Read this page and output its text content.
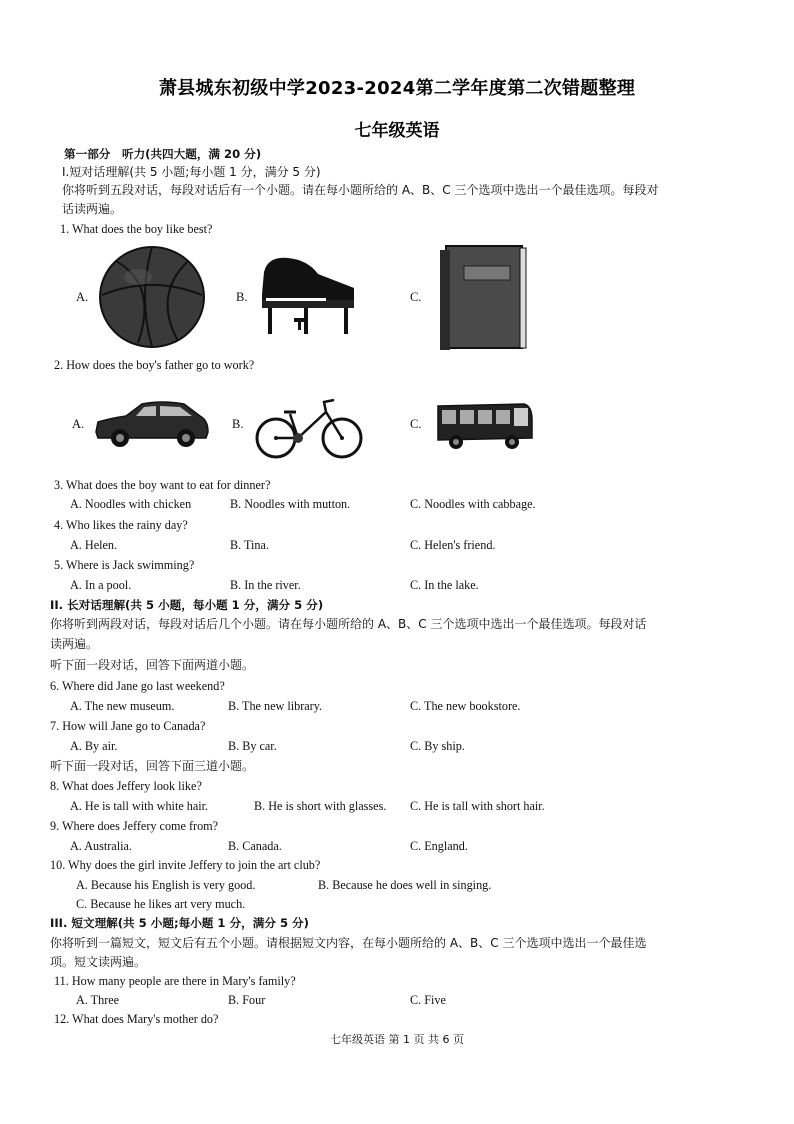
萧县城东初级中学2023-2024第二学年度第二次错题整理
七年级英语
第一部分　听力(共四大题，满 20 分)
I.短对话理解(共 5 小题;每小题 1 分，满分 5 分)
你将听到五段对话，每段对话后有一个小题。请在每小题所给的 A、B、C 三个选项中选出一个最佳选项。每段对
话读两遍。
1. What does the boy like best?
A.	B.	C.
2. How does the boy's father go to work?
A.	B.	C.
3. What does the boy want to eat for dinner?
A. Noodles with chicken	B. Noodles with mutton.	C. Noodles with cabbage.
4. Who likes the rainy day?
A. Helen.	B. Tina.	C. Helen's friend.
5. Where is Jack swimming?
A. In a pool.	B. In the river.	C. In the lake.
II. 长对话理解(共 5 小题，每小题 1 分，满分 5 分)
你将听到两段对话，每段对话后几个小题。请在每小题所给的 A、B、C 三个选项中选出一个最佳选项。每段对话
读两遍。
听下面一段对话，回答下面两道小题。
6. Where did Jane go last weekend?
A. The new museum.	B. The new library.	C. The new bookstore.
7. How will Jane go to Canada?
A. By air.	B. By car.	C. By ship.
听下面一段对话，回答下面三道小题。
8. What does Jeffery look like?
A. He is tall with white hair.	B. He is short with glasses. C. He is tall with short hair.
9. Where does Jeffery come from?
A. Australia.	B. Canada.	C. England.
10. Why does the girl invite Jeffery to join the art club?
A. Because his English is very good.	B. Because he does well in singing.
C. Because he likes art very much.
III. 短文理解(共 5 小题;每小题 1 分，满分 5 分)
你将听到一篇短文，短文后有五个小题。请根据短文内容，在每小题所给的 A、B、C 三个选项中选出一个最佳选
项。短文读两遍。
11. How many people are there in Mary's family?
A. Three	B. Four	C. Five
12. What does Mary's mother do?
七年级英语 第 1 页 共 6 页
